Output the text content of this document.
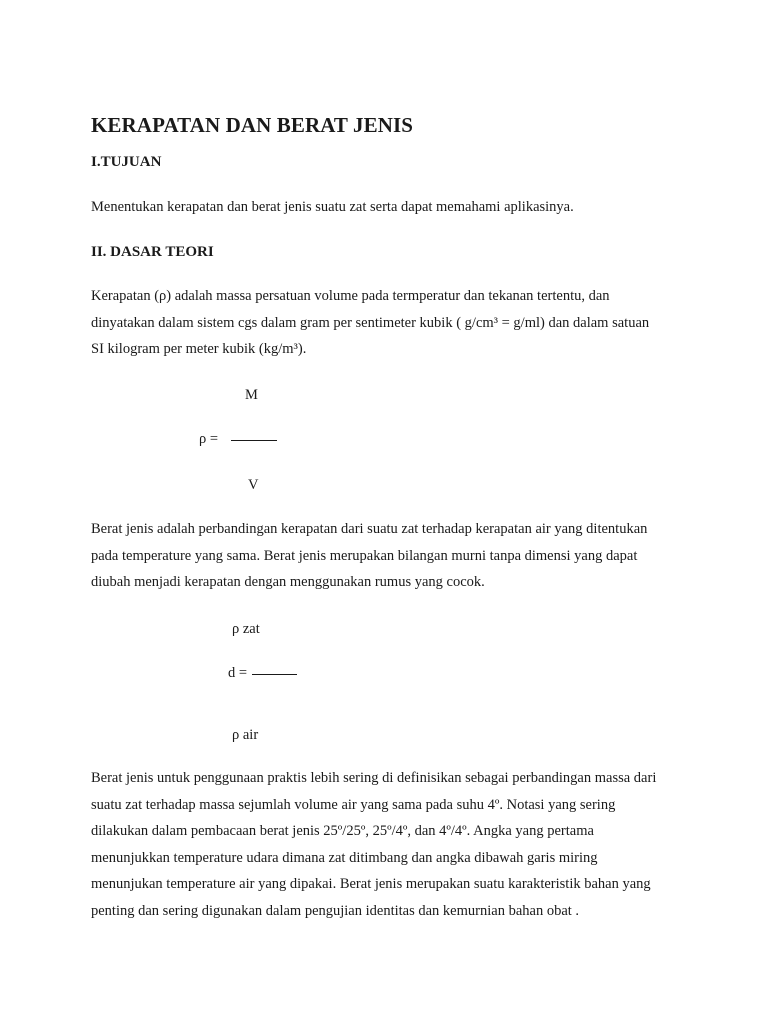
KERAPATAN DAN BERAT JENIS
I.TUJUAN
Menentukan kerapatan dan berat jenis suatu zat serta dapat memahami aplikasinya.
II. DASAR TEORI
Kerapatan (ρ) adalah massa persatuan volume pada termperatur dan tekanan tertentu, dan
dinyatakan dalam sistem cgs dalam gram per sentimeter kubik ( g/cm³ = g/ml) dan dalam satuan
SI kilogram per meter kubik (kg/m³).
M
ρ =
V
Berat jenis adalah perbandingan kerapatan dari suatu zat terhadap kerapatan air yang ditentukan
pada temperature yang sama. Berat jenis merupakan bilangan murni tanpa dimensi yang dapat
diubah menjadi kerapatan dengan menggunakan rumus yang cocok.
ρ zat
d =
ρ air
Berat jenis untuk penggunaan praktis lebih sering di definisikan sebagai perbandingan massa dari
suatu zat terhadap massa sejumlah volume air yang sama pada suhu 4º. Notasi yang sering
dilakukan dalam pembacaan berat jenis 25º/25º, 25º/4º, dan 4º/4º. Angka yang pertama
menunjukkan temperature udara dimana zat ditimbang dan angka dibawah garis miring
menunjukan temperature air yang dipakai. Berat jenis merupakan suatu karakteristik bahan yang
penting dan sering digunakan dalam pengujian identitas dan kemurnian bahan obat .
